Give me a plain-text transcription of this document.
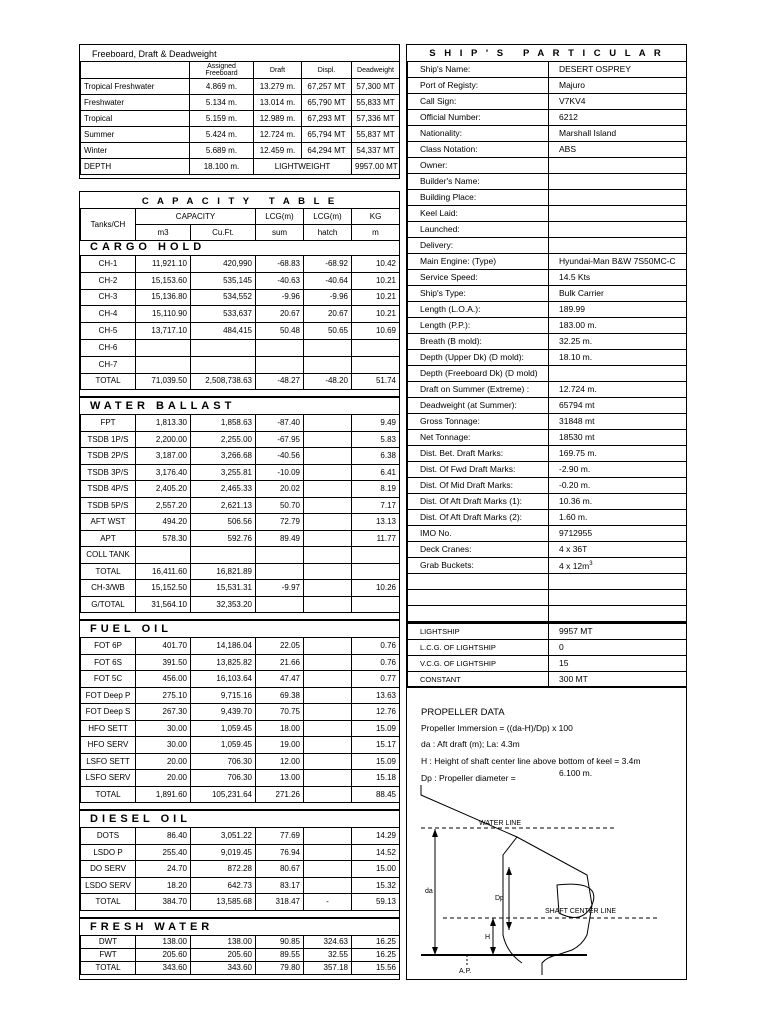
Freeboard, Draft & Deadweight
	Assigned Freeboard	Draft	Displ.	Deadweight
Tropical Freshwater	4.869 m.	13.279 m.	67,257 MT	57,300 MT
Freshwater	5.134 m.	13.014 m.	65,790 MT	55,833 MT
Tropical	5.159 m.	12.989 m.	67,293 MT	57,336 MT
Summer	5.424 m.	12.724 m.	65,794 MT	55,837 MT
Winter	5.689 m.	12.459 m.	64,294 MT	54,337 MT
DEPTH	18.100 m.	LIGHTWEIGHT		9957.00 MT
C A P A C I T Y   T A B L E
Tanks/CH	CAPACITY		LCG(m)	LCG(m)	KG
	m3	Cu.Ft.	sum	hatch	m
CARGO HOLD
CH-1	11,921.10	420,990	-68.83	-68.92	10.42
CH-2	15,153.60	535,145	-40.63	-40.64	10.21
CH-3	15,136.80	534,552	-9.96	-9.96	10.21
CH-4	15,110.90	533,637	20.67	20.67	10.21
CH-5	13,717.10	484,415	50.48	50.65	10.69
CH-6					
CH-7					
TOTAL	71,039.50	2,508,738.63	-48.27	-48.20	51.74
WATER BALLAST
FPT	1,813.30	1,858.63	-87.40		9.49
TSDB 1P/S	2,200.00	2,255.00	-67.95		5.83
TSDB 2P/S	3,187.00	3,266.68	-40.56		6.38
TSDB 3P/S	3,176.40	3,255.81	-10.09		6.41
TSDB 4P/S	2,405.20	2,465.33	20.02		8.19
TSDB 5P/S	2,557.20	2,621.13	50.70		7.17
AFT WST	494.20	506.56	72.79		13.13
APT	578.30	592.76	89.49		11.77
COLL TANK					
TOTAL	16,411.60	16,821.89			
CH-3/WB	15,152.50	15,531.31	-9.97		10.26
G/TOTAL	31,564.10	32,353.20			
FUEL OIL
FOT 6P	401.70	14,186.04	22.05		0.76
FOT 6S	391.50	13,825.82	21.66		0.76
FOT 5C	456.00	16,103.64	47.47		0.77
FOT Deep P	275.10	9,715.16	69.38		13.63
FOT Deep S	267.30	9,439.70	70.75		12.76
HFO SETT	30.00	1,059.45	18.00		15.09
HFO SERV	30.00	1,059.45	19.00		15.17
LSFO SETT	20.00	706.30	12.00		15.09
LSFO SERV	20.00	706.30	13.00		15.18
TOTAL	1,891.60	105,231.64	271.26		88.45
DIESEL OIL
DOTS	86.40	3,051.22	77.69		14.29
LSDO P	255.40	9,019.45	76.94		14.52
DO SERV	24.70	872.28	80.67		15.00
LSDO SERV	18.20	642.73	83.17		15.32
TOTAL	384.70	13,585.68	318.47	-	59.13
FRESH WATER
DWT	138.00	138.00	90.85	324.63	16.25
FWT	205.60	205.60	89.55	32.55	16.25
TOTAL	343.60	343.60	79.80	357.18	15.56
S H I P ' S   P A R T I C U L A R
Ship's Name:	DESERT OSPREY
Port of Registy:	Majuro
Call Sign:	V7KV4
Official Number:	6212
Nationality:	Marshall Island
Class Notation:	ABS
Owner:	
Builder's Name:	
Building Place:	
Keel Laid:	
Launched:	
Delivery:	
Main Engine: (Type)	Hyundai-Man B&W 7S50MC-C
Service Speed:	14.5 Kts
Ship's Type:	Bulk Carrier
Length (L.O.A.):	189.99
Length (P.P.):	183.00 m.
Breath (B mold):	32.25 m.
Depth (Upper Dk) (D mold):	18.10 m.
Depth (Freeboard Dk) (D mold)	
Draft on Summer (Extreme) :	12.724 m.
Deadweight (at Summer):	65794 mt
Gross Tonnage:	31848 mt
Net Tonnage:	18530 mt
Dist. Bet. Draft Marks:	169.75 m.
Dist. Of Fwd Draft Marks:	-2.90 m.
Dist. Of Mid Draft Marks:	-0.20 m.
Dist. Of Aft Draft Marks (1):	10.36 m.
Dist. Of Aft Draft Marks (2):	1.60 m.
IMO No.	9712955
Deck Cranes:	4 x 36T
Grab Buckets:	4 x $12m^3$

LIGHTSHIP	9957 MT
L.C.G. OF LIGHTSHIP	0
V.C.G. OF LIGHTSHIP	15
CONSTANT	300 MT
PROPELLER DATA
Propeller Immersion = ((da-H)/Dp) x 100
da : Aft draft (m); La: 4.3m
H : Height of shaft center line above bottom of keel = 3.4m
Dp : Propeller diameter =	6.100 m.
WATER LINE
SHAFT CENTER LINE
da
Dp
H
A.P.
